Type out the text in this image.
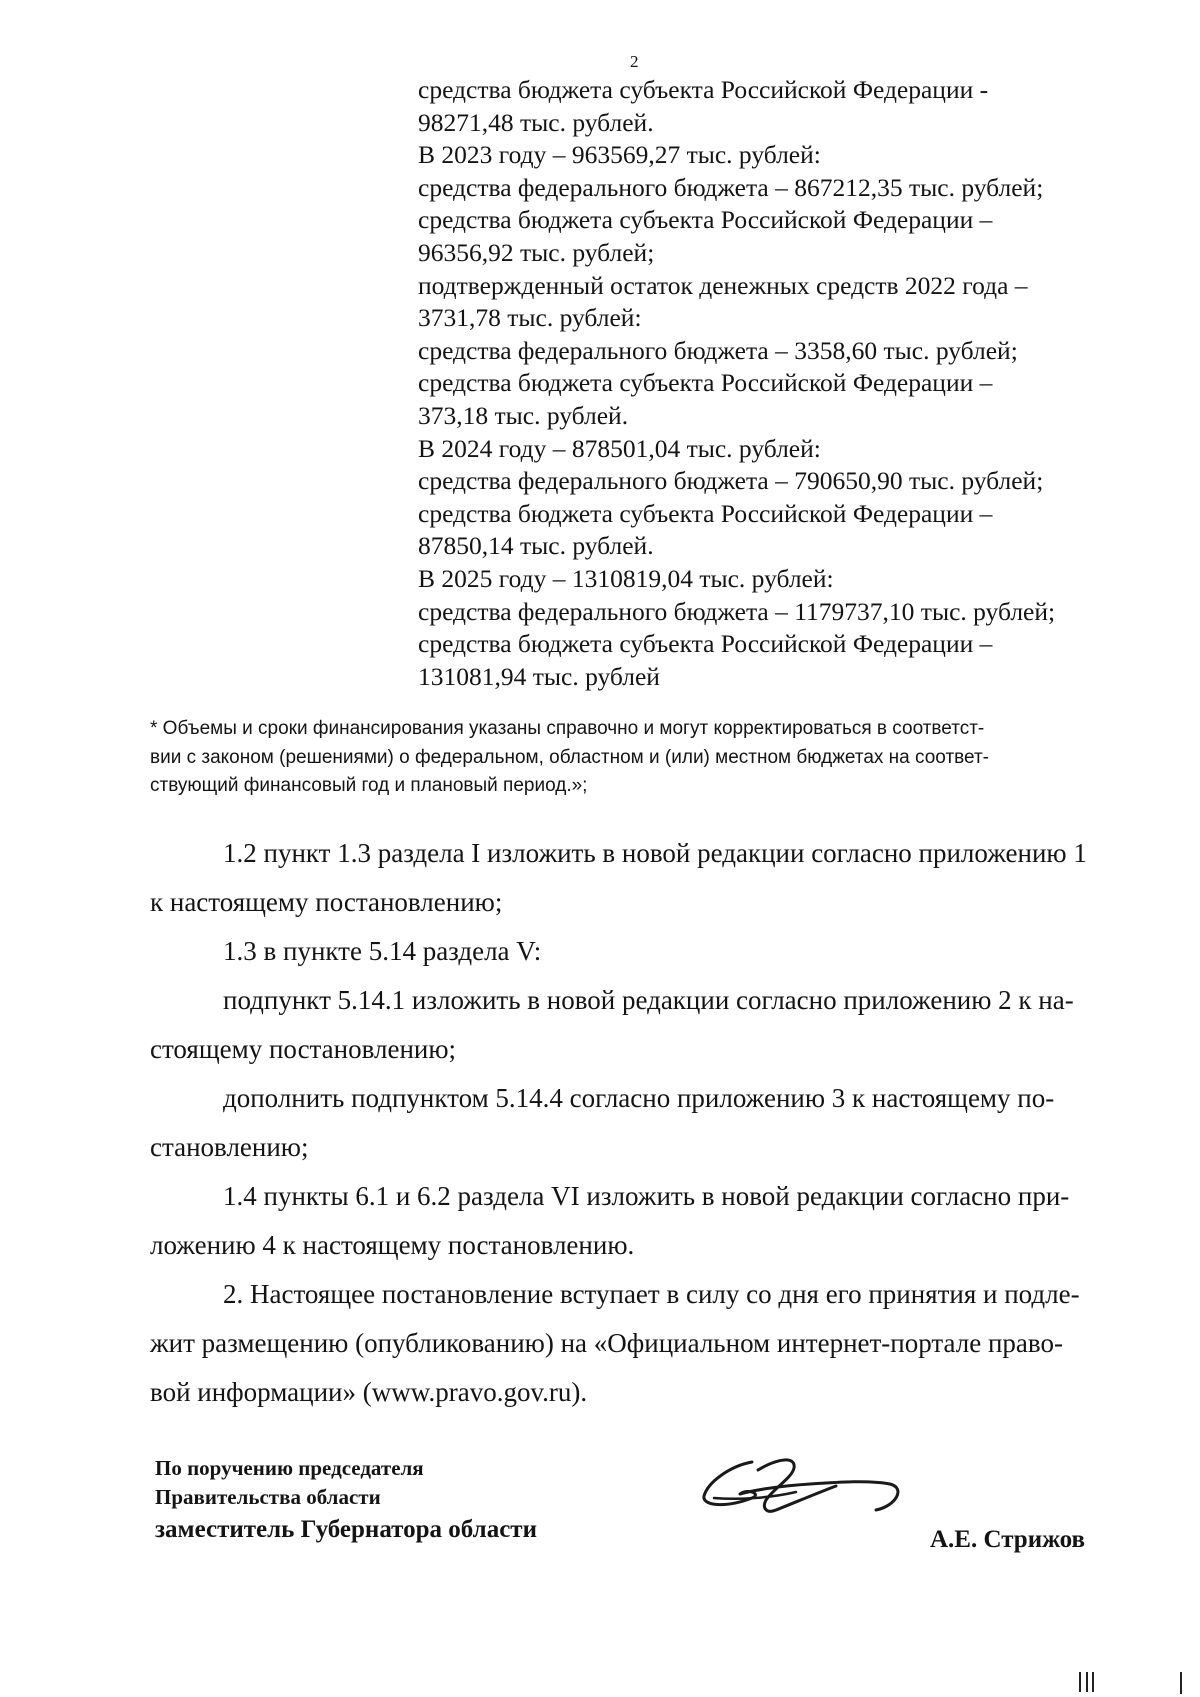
2
средства бюджета субъекта Российской Федерации -
98271,48 тыс. рублей.
В 2023 году – 963569,27 тыс. рублей:
средства федерального бюджета – 867212,35 тыс. рублей;
средства бюджета субъекта Российской Федерации –
96356,92 тыс. рублей;
подтвержденный остаток денежных средств 2022 года –
3731,78 тыс. рублей:
средства федерального бюджета – 3358,60 тыс. рублей;
средства бюджета субъекта Российской Федерации –
373,18 тыс. рублей.
В 2024 году – 878501,04 тыс. рублей:
средства федерального бюджета – 790650,90 тыс. рублей;
средства бюджета субъекта Российской Федерации –
87850,14 тыс. рублей.
В 2025 году – 1310819,04 тыс. рублей:
средства федерального бюджета – 1179737,10 тыс. рублей;
средства бюджета субъекта Российской Федерации –
131081,94 тыс. рублей
* Объемы и сроки финансирования указаны справочно и могут корректироваться в соответст-
вии с законом (решениями) о федеральном, областном и (или) местном бюджетах на соответ-
ствующий финансовый год и плановый период.»;
1.2 пункт 1.3 раздела I изложить в новой редакции согласно приложению 1
к настоящему постановлению;
1.3 в пункте 5.14 раздела V:
подпункт 5.14.1 изложить в новой редакции согласно приложению 2 к на-
стоящему постановлению;
дополнить подпунктом 5.14.4 согласно приложению 3 к настоящему по-
становлению;
1.4 пункты 6.1 и 6.2 раздела VI изложить в новой редакции согласно при-
ложению 4 к настоящему постановлению.
2. Настоящее постановление вступает в силу со дня его принятия и подле-
жит размещению (опубликованию) на «Официальном интернет-портале право-
вой информации» (www.pravo.gov.ru).
По поручению председателя
Правительства области
заместитель Губернатора области	А.Е. Стрижов
